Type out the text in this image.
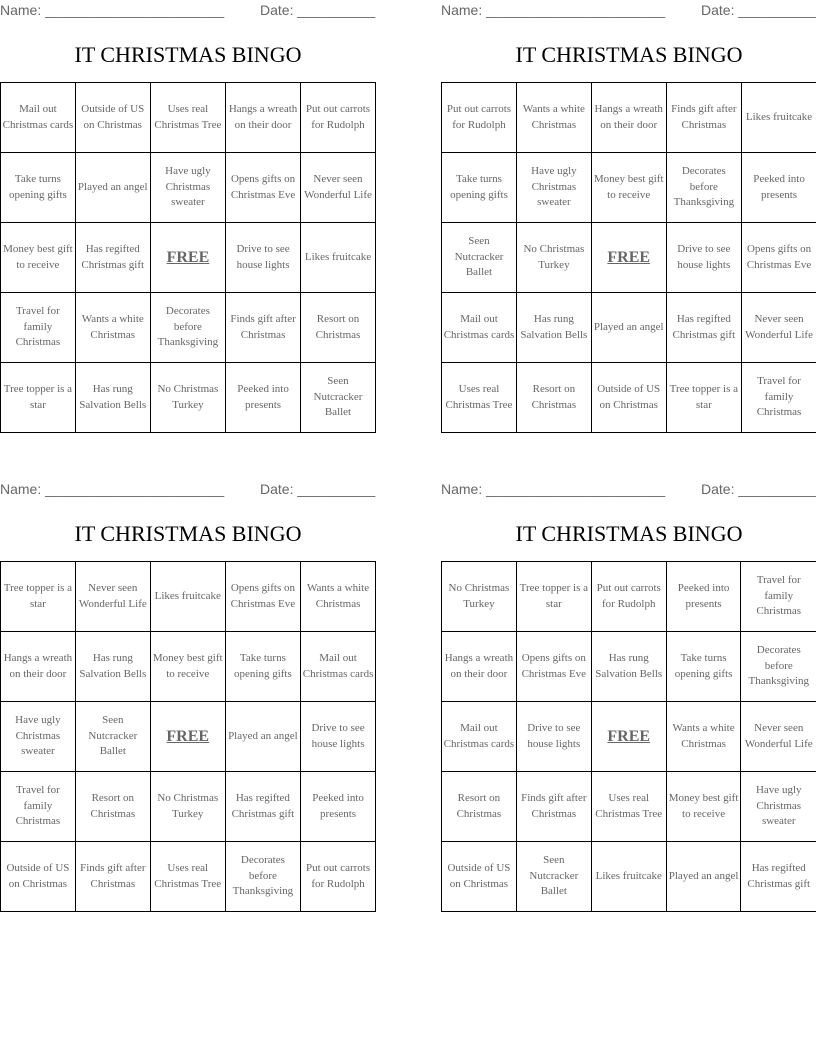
Name: _______________________	Date: __________
IT CHRISTMAS BINGO
Mail out Christmas cards	Outside of US on Christmas	Uses real Christmas Tree	Hangs a wreath on their door	Put out carrots for Rudolph
Take turns opening gifts	Played an angel	Have ugly Christmas sweater	Opens gifts on Christmas Eve	Never seen Wonderful Life
Money best gift to receive	Has regifted Christmas gift	FREE	Drive to see house lights	Likes fruitcake
Travel for family Christmas	Wants a white Christmas	Decorates before Thanksgiving	Finds gift after Christmas	Resort on Christmas
Tree topper is a star	Has rung Salvation Bells	No Christmas Turkey	Peeked into presents	Seen Nutcracker Ballet
Name: _______________________	Date: __________
IT CHRISTMAS BINGO
Put out carrots for Rudolph	Wants a white Christmas	Hangs a wreath on their door	Finds gift after Christmas	Likes fruitcake
Take turns opening gifts	Have ugly Christmas sweater	Money best gift to receive	Decorates before Thanksgiving	Peeked into presents
Seen Nutcracker Ballet	No Christmas Turkey	FREE	Drive to see house lights	Opens gifts on Christmas Eve
Mail out Christmas cards	Has rung Salvation Bells	Played an angel	Has regifted Christmas gift	Never seen Wonderful Life
Uses real Christmas Tree	Resort on Christmas	Outside of US on Christmas	Tree topper is a star	Travel for family Christmas
Name: _______________________	Date: __________
IT CHRISTMAS BINGO
Tree topper is a star	Never seen Wonderful Life	Likes fruitcake	Opens gifts on Christmas Eve	Wants a white Christmas
Hangs a wreath on their door	Has rung Salvation Bells	Money best gift to receive	Take turns opening gifts	Mail out Christmas cards
Have ugly Christmas sweater	Seen Nutcracker Ballet	FREE	Played an angel	Drive to see house lights
Travel for family Christmas	Resort on Christmas	No Christmas Turkey	Has regifted Christmas gift	Peeked into presents
Outside of US on Christmas	Finds gift after Christmas	Uses real Christmas Tree	Decorates before Thanksgiving	Put out carrots for Rudolph
Name: _______________________	Date: __________
IT CHRISTMAS BINGO
No Christmas Turkey	Tree topper is a star	Put out carrots for Rudolph	Peeked into presents	Travel for family Christmas
Hangs a wreath on their door	Opens gifts on Christmas Eve	Has rung Salvation Bells	Take turns opening gifts	Decorates before Thanksgiving
Mail out Christmas cards	Drive to see house lights	FREE	Wants a white Christmas	Never seen Wonderful Life
Resort on Christmas	Finds gift after Christmas	Uses real Christmas Tree	Money best gift to receive	Have ugly Christmas sweater
Outside of US on Christmas	Seen Nutcracker Ballet	Likes fruitcake	Played an angel	Has regifted Christmas gift
